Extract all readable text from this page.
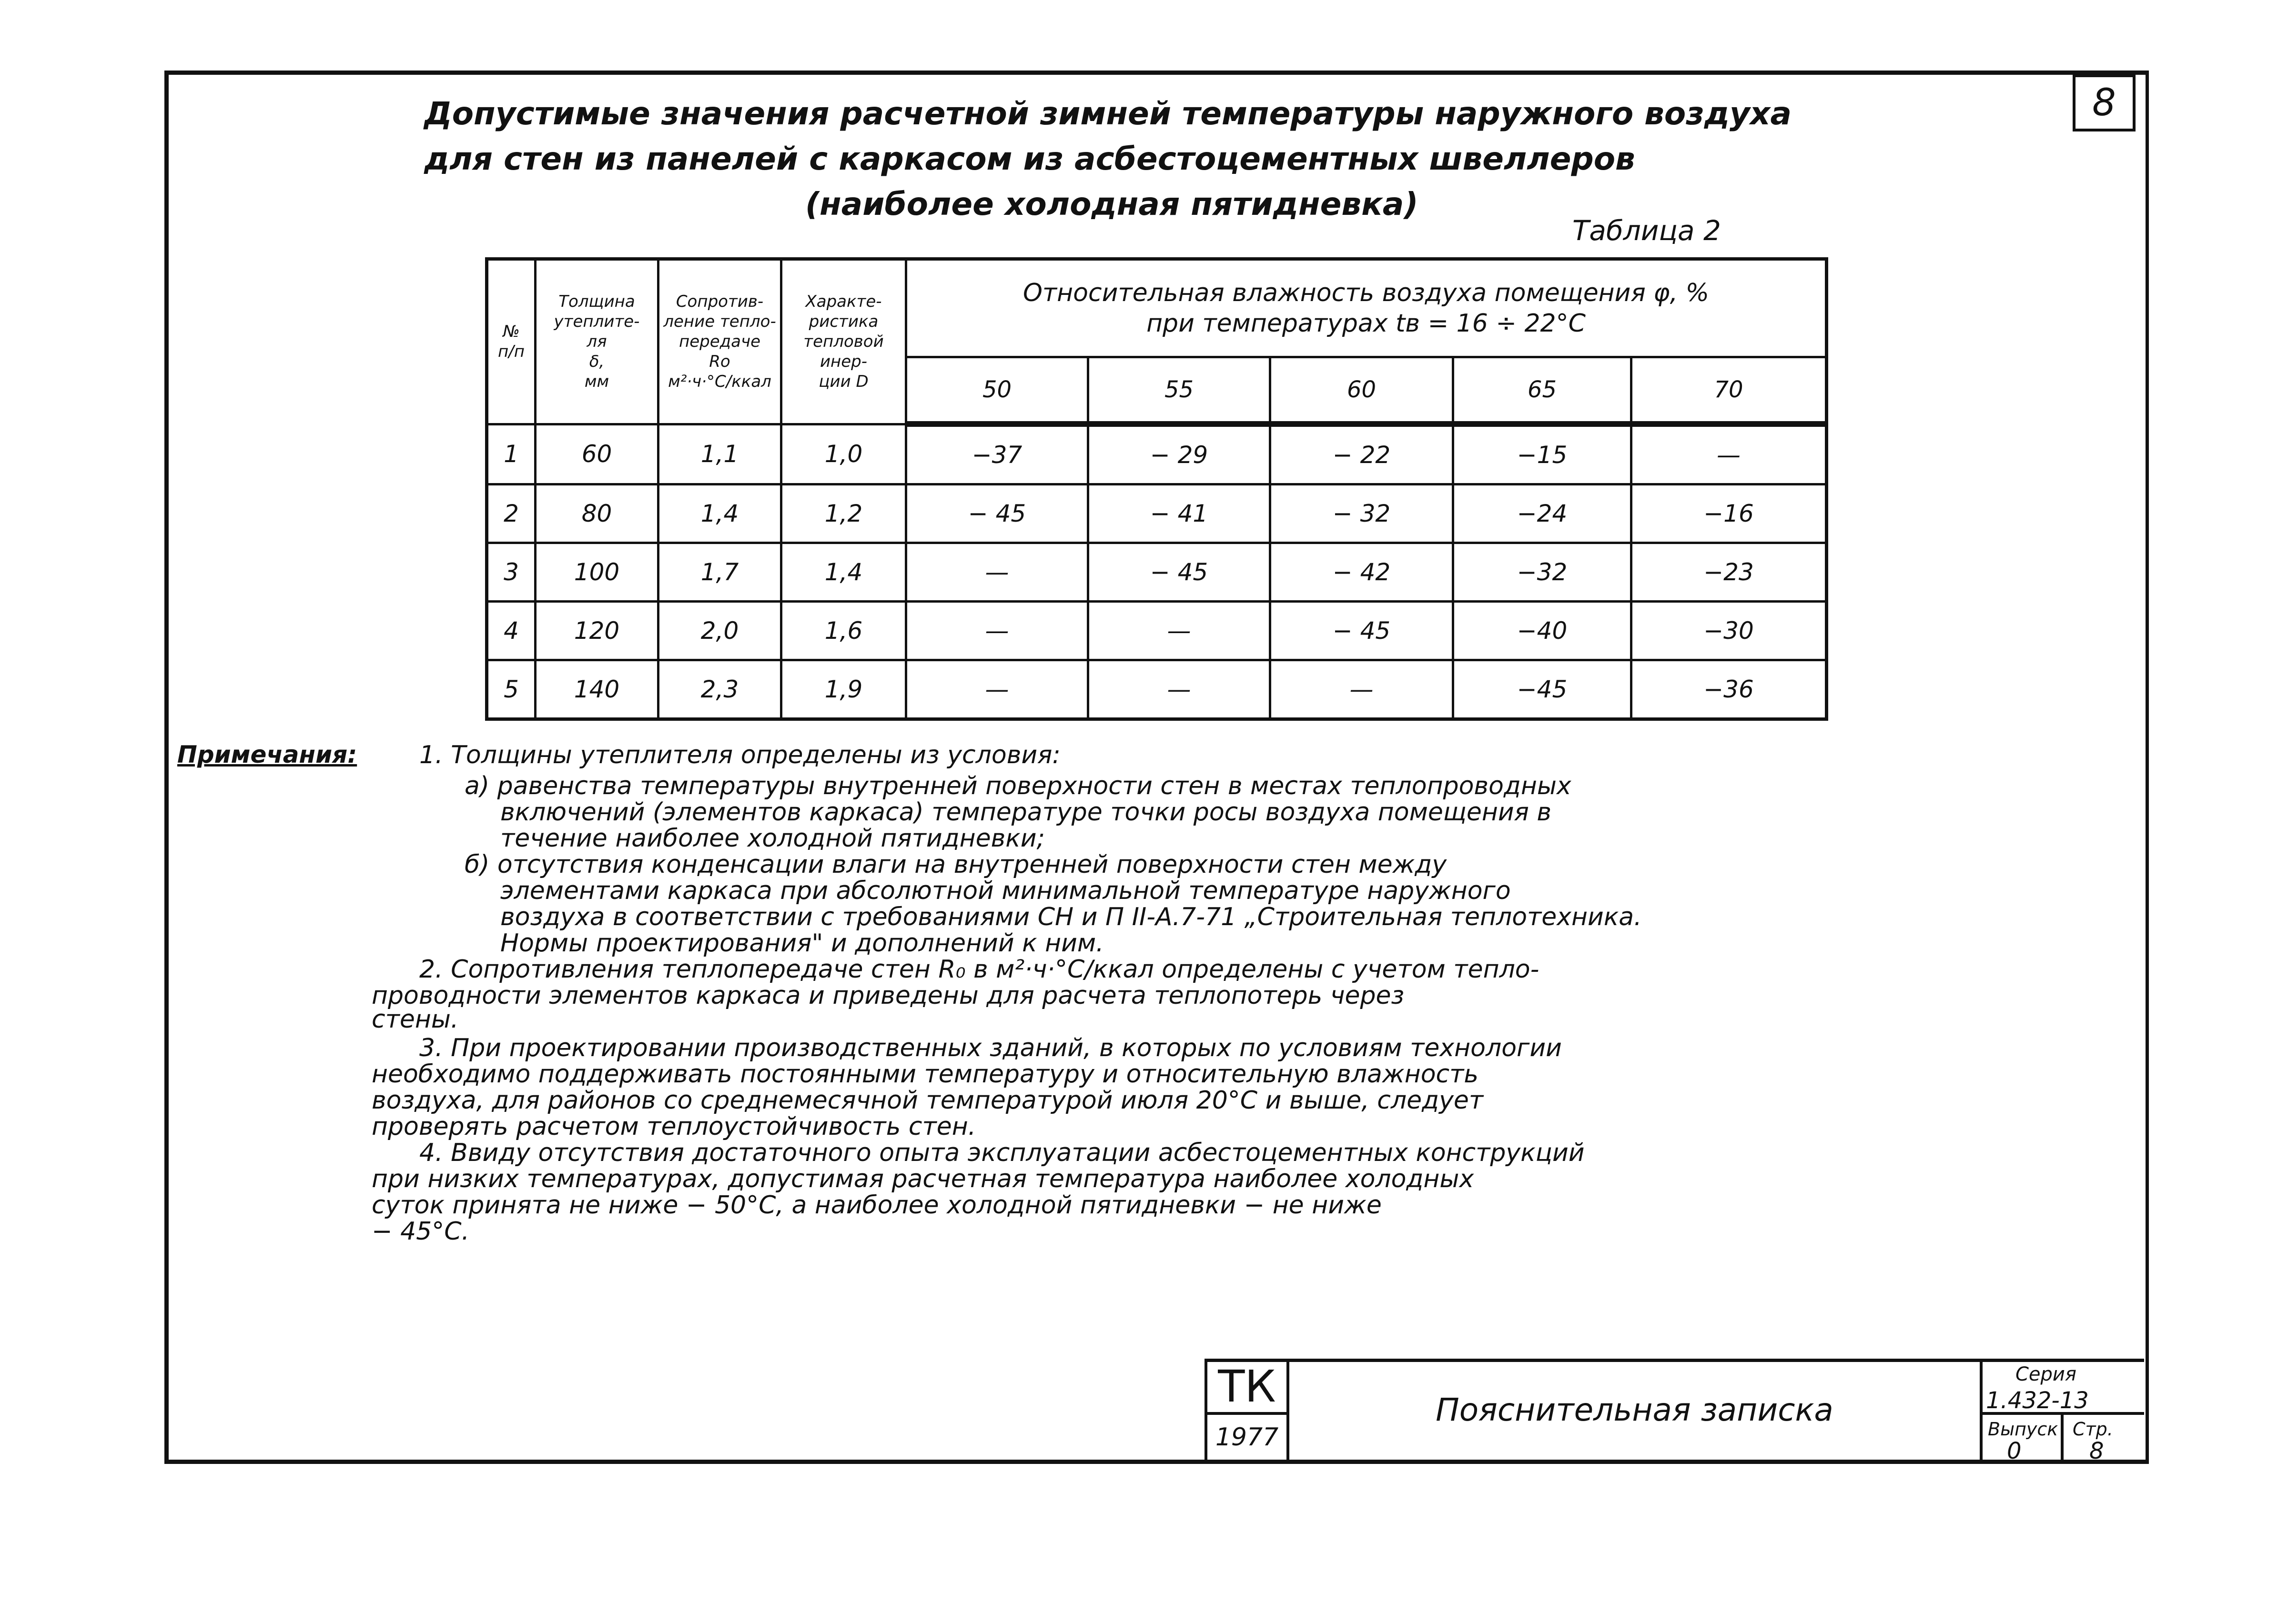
8
Допустимые значения расчетной зимней температуры наружного воздуха
для стен из панелей с каркасом из асбестоцементных швеллеров
(наиболее холодная пятидневка)
Таблица 2
№
п/п	Толщина
утеплите-
ля
δ,
мм	Сопротив-
ление тепло-
передаче
Ro
м²·ч·°С/ккал	Характе-
ристика
тепловой инер-
ции D	Относительная влажность воздуха помещения φ, %
при температурах tв = 16 ÷ 22°С				

				50	55	60	65	70
1	60	1,1	1,0	−37	− 29	− 22	−15	—
2	80	1,4	1,2	− 45	− 41	− 32	−24	−16
3	100	1,7	1,4	—	− 45	− 42	−32	−23
4	120	2,0	1,6	—	—	− 45	−40	−30
5	140	2,3	1,9	—	—	—	−45	−36
Примечания:	1. Толщины утеплителя определены из условия:
а) равенства температуры внутренней поверхности стен в местах теплопроводных
включений (элементов каркаса) температуре точки росы воздуха помещения в
течение наиболее холодной пятидневки;
б) отсутствия конденсации влаги на внутренней поверхности стен между
элементами каркаса при абсолютной минимальной температуре наружного
воздуха в соответствии с требованиями СН и П II-А.7-71 „Строительная теплотехника.
Нормы проектирования" и дополнений к ним.
2. Сопротивления теплопередаче стен R₀ в м²·ч·°С/ккал определены с учетом тепло-
проводности элементов каркаса и приведены для расчета теплопотерь через
стены.
3. При проектировании производственных зданий, в которых по условиям технологии
необходимо поддерживать постоянными температуру и относительную влажность
воздуха, для районов со среднемесячной температурой июля 20°С и выше, следует
проверять расчетом теплоустойчивость стен.
4. Ввиду отсутствия достаточного опыта эксплуатации асбестоцементных конструкций
при низких температурах, допустимая расчетная температура наиболее холодных
суток принята не ниже − 50°С, а наиболее холодной пятидневки − не ниже
− 45°С.
ТК
1977
Пояснительная записка
Серия
1.432-13
Выпуск
0
Стр.
8
